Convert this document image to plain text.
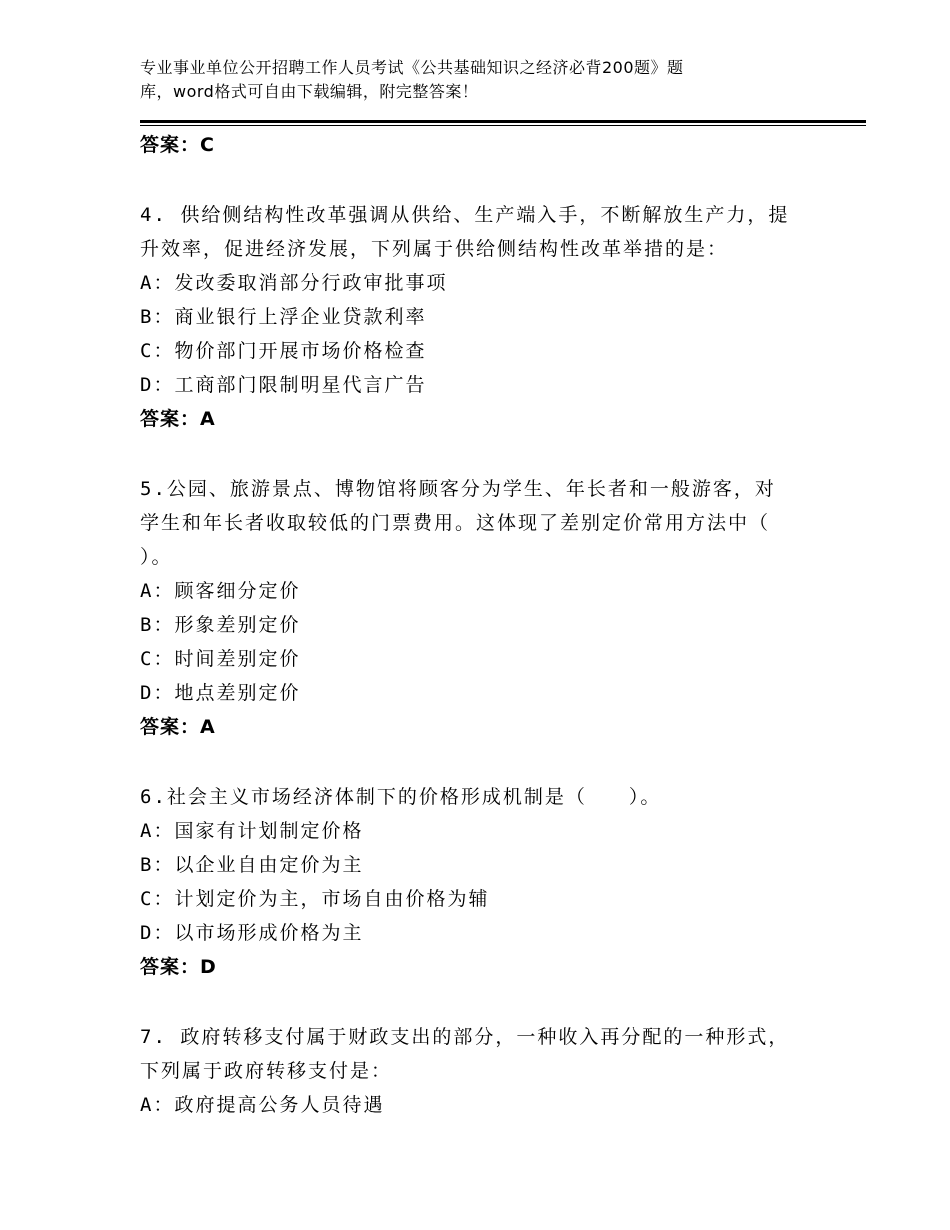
专业事业单位公开招聘工作人员考试《公共基础知识之经济必背200题》题
库，word格式可自由下载编辑，附完整答案！
答案：C
4. 供给侧结构性改革强调从供给、生产端入手，不断解放生产力，提
升效率，促进经济发展，下列属于供给侧结构性改革举措的是：
A：发改委取消部分行政审批事项
B：商业银行上浮企业贷款利率
C：物价部门开展市场价格检查
D：工商部门限制明星代言广告
答案：A
5.公园、旅游景点、博物馆将顾客分为学生、年长者和一般游客，对
学生和年长者收取较低的门票费用。这体现了差别定价常用方法中（
）。
A：顾客细分定价
B：形象差别定价
C：时间差别定价
D：地点差别定价
答案：A
6.社会主义市场经济体制下的价格形成机制是（　　）。
A：国家有计划制定价格
B：以企业自由定价为主
C：计划定价为主，市场自由价格为辅
D：以市场形成价格为主
答案：D
7. 政府转移支付属于财政支出的部分，一种收入再分配的一种形式，
下列属于政府转移支付是：
A：政府提高公务人员待遇
